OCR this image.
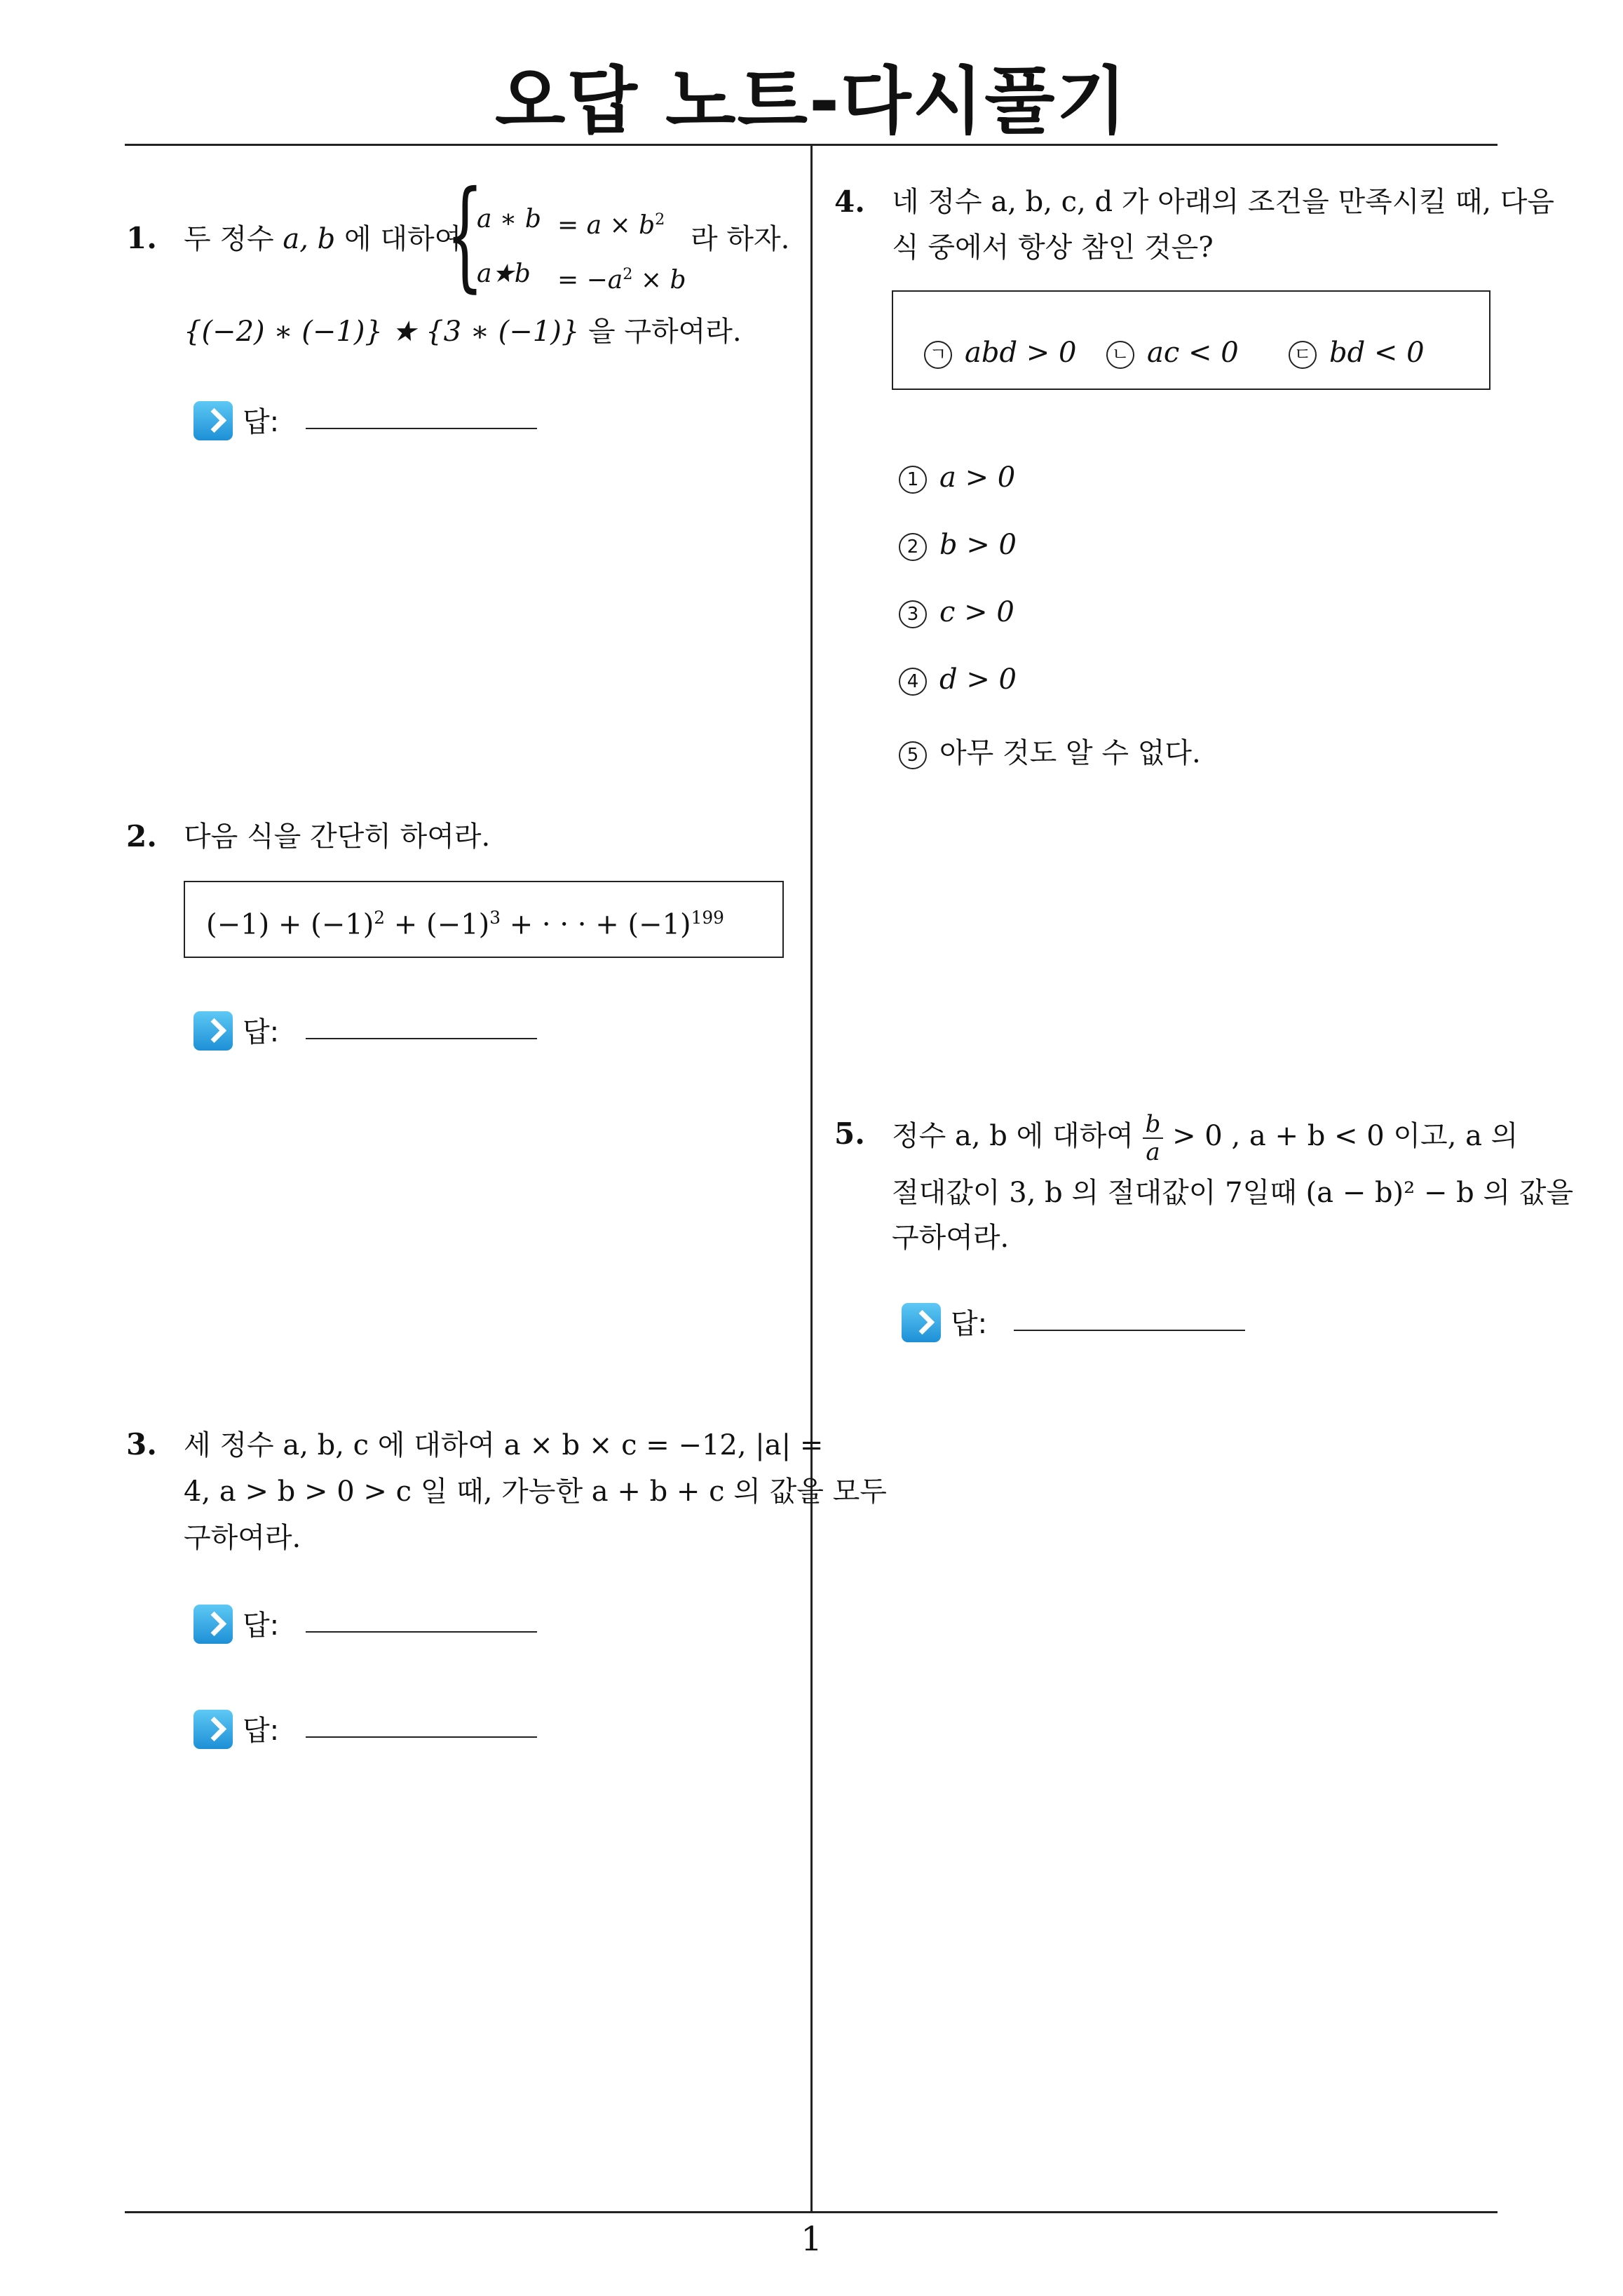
오답 노트-다시풀기
1. 두 정수 a, b 에 대하여
{
a ∗ $b = a \times b^2$
a★b = $-a^2 \times b$
라 하자.
{(−2) ∗ (−1)} ★ {3 ∗ (−1)} 을 구하여라.
답:
2. 다음 식을 간단히 하여라.
$(-1) + (-1)^2 + (-1)^3$ + · · · + $(-1)^{199}$
답:
3. 세 정수 a, b, c 에 대하여 a × b × c = −12, |a| =
4, a > b > 0 > c 일 때, 가능한 a + b + c 의 값을 모두
구하여라.
답:
답:
4. 네 정수 a, b, c, d 가 아래의 조건을 만족시킬 때, 다음
식 중에서 항상 참인 것은?
ㄱ abd > 0 ㄴ ac < 0	ㄷ bd < 0
1 a > 0
2 b > 0
3 c > 0
4 d > 0
5 아무 것도 알 수 없다.
5. 정수 a, b 에 대하여 $\frac{b}{a} > 0$ , a + b < 0 이고, a 의
절대값이 3, b 의 절대값이 7일때 (a − b)² − b 의 값을
구하여라.
답:
1
